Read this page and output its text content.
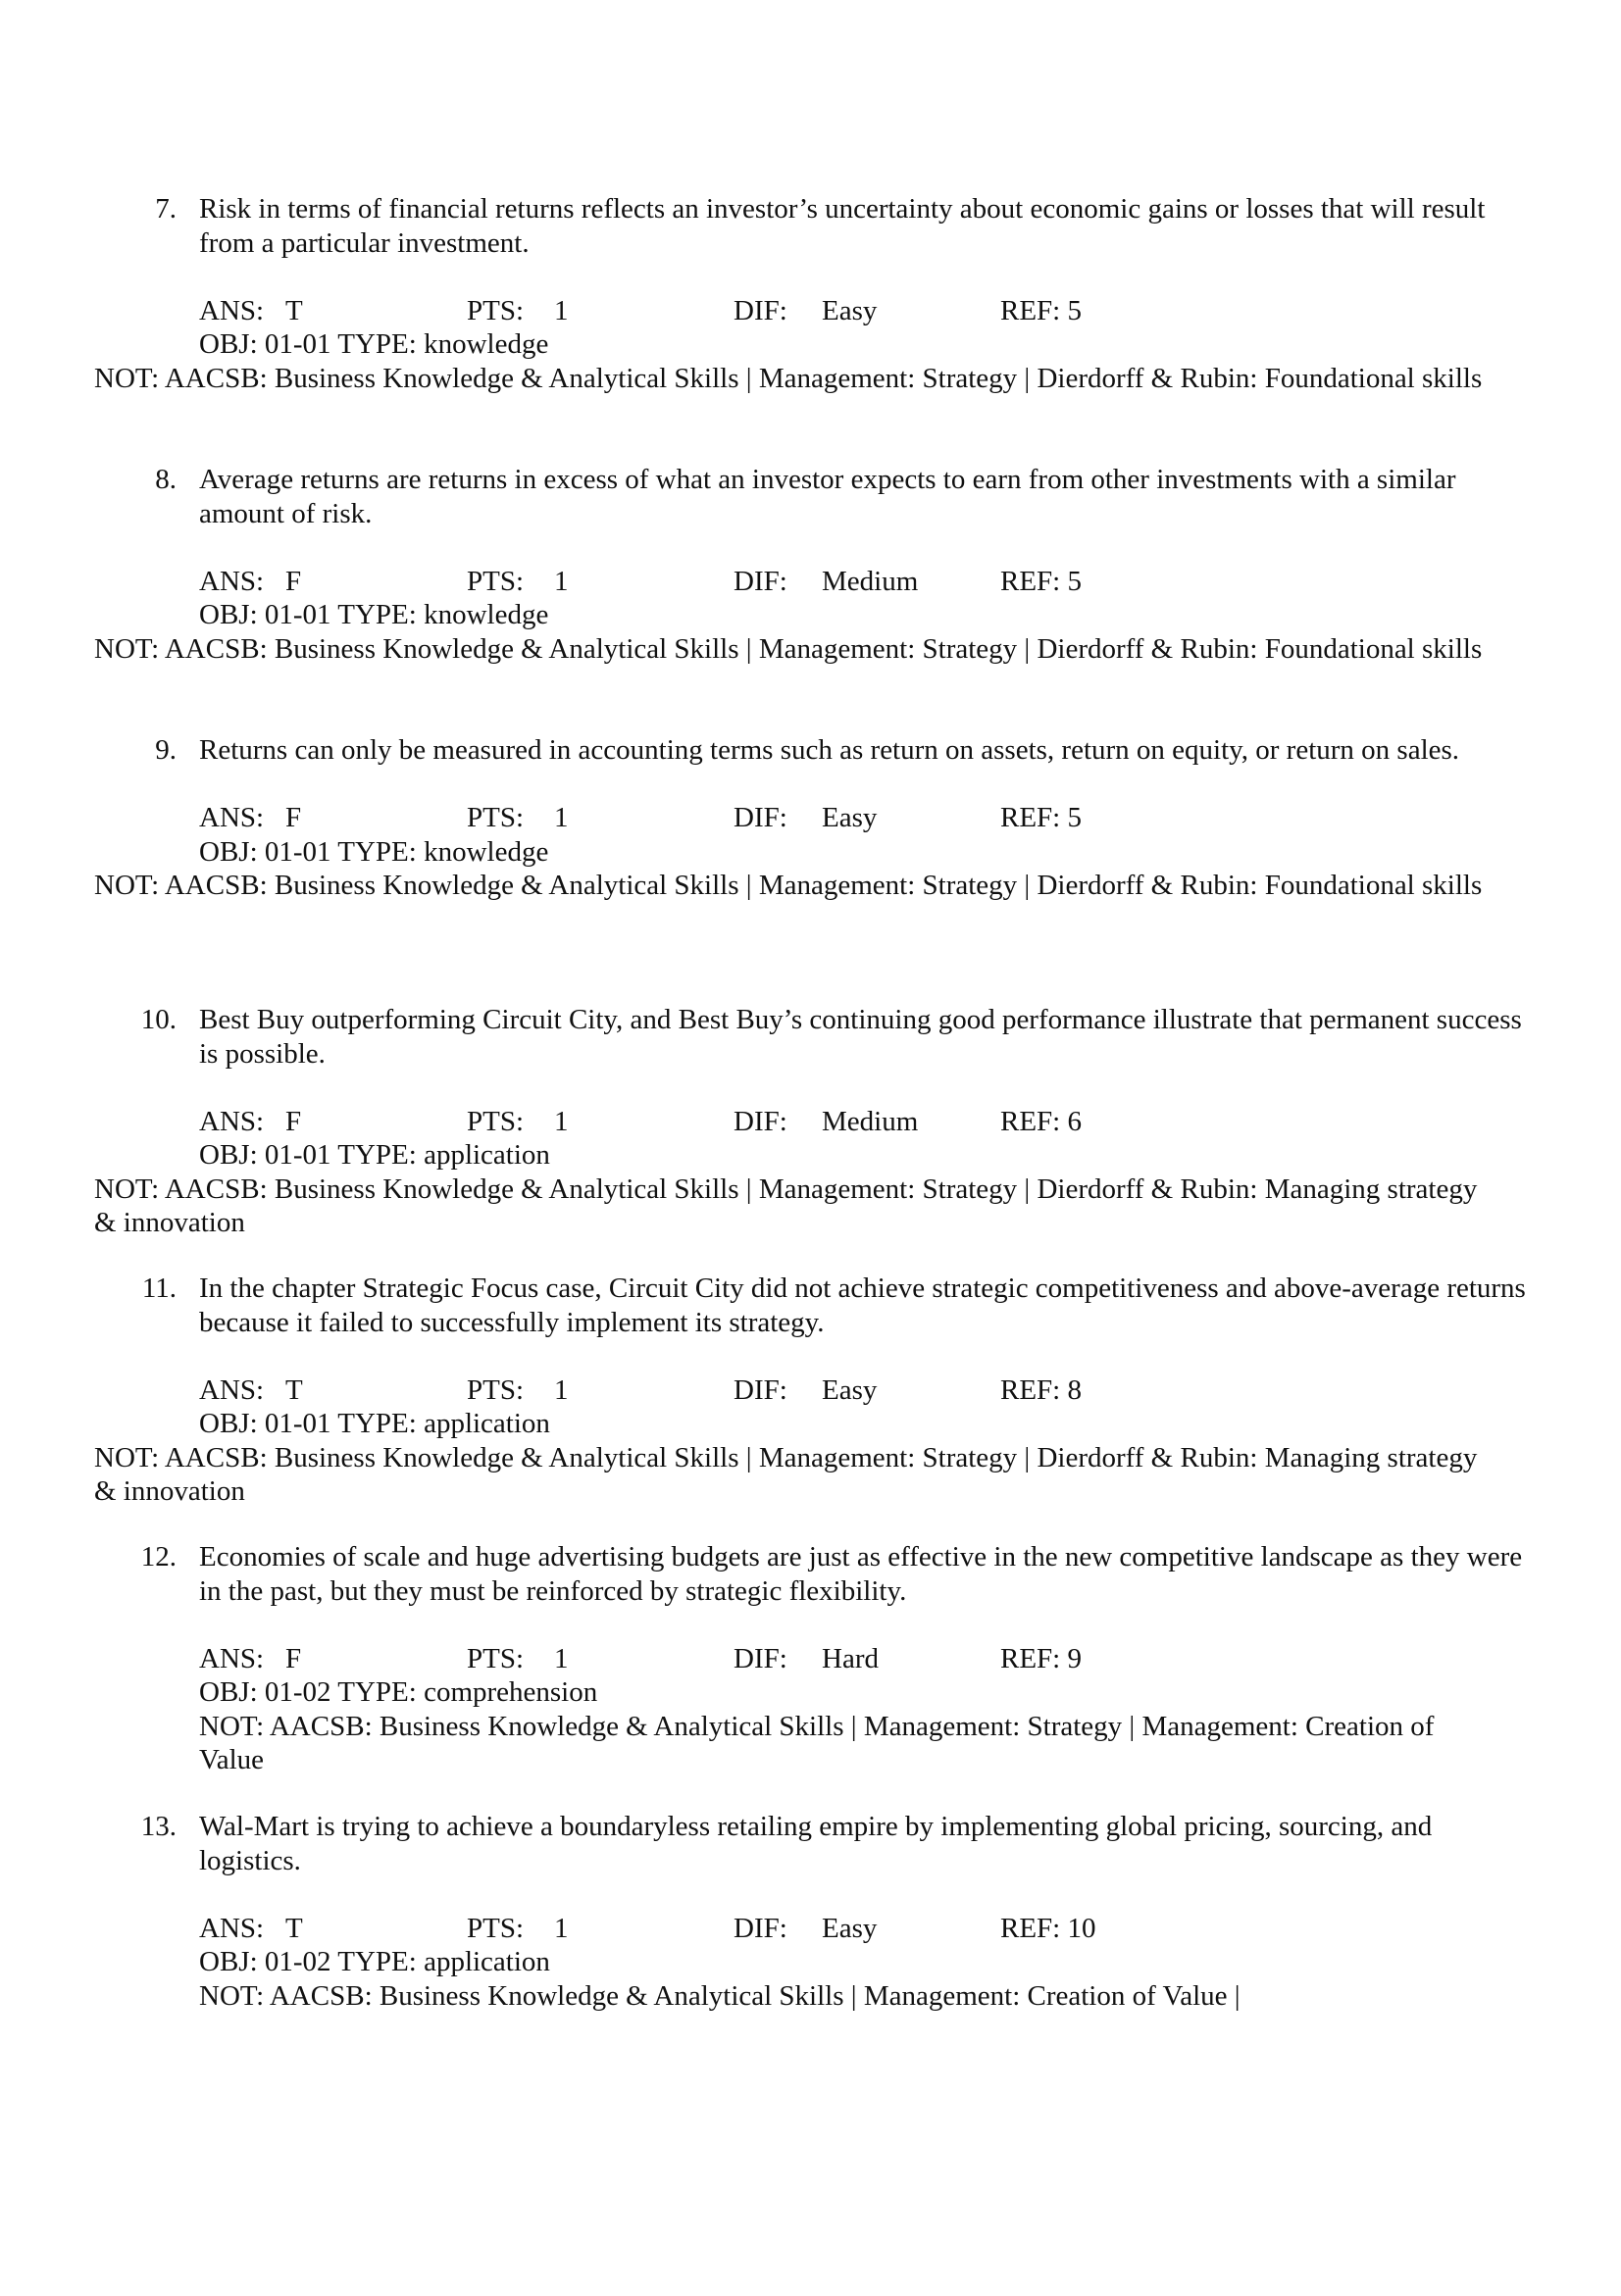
7. Risk in terms of financial returns reflects an investor’s uncertainty about economic gains or losses that will result from a particular investment.
ANS: T	PTS: 1	DIF: Easy	REF: 5
OBJ: 01-01 TYPE: knowledge
NOT: AACSB: Business Knowledge & Analytical Skills | Management: Strategy | Dierdorff & Rubin: Foundational skills
8. Average returns are returns in excess of what an investor expects to earn from other investments with a similar amount of risk.
ANS: F	PTS: 1	DIF: Medium	REF: 5
OBJ: 01-01 TYPE: knowledge
NOT: AACSB: Business Knowledge & Analytical Skills | Management: Strategy | Dierdorff & Rubin: Foundational skills
9. Returns can only be measured in accounting terms such as return on assets, return on equity, or return on sales.
ANS: F	PTS: 1	DIF: Easy	REF: 5
OBJ: 01-01 TYPE: knowledge
NOT: AACSB: Business Knowledge & Analytical Skills | Management: Strategy | Dierdorff & Rubin: Foundational skills
10. Best Buy outperforming Circuit City, and Best Buy’s continuing good performance illustrate that permanent success is possible.
ANS: F	PTS: 1	DIF: Medium	REF: 6
OBJ: 01-01 TYPE: application
NOT: AACSB: Business Knowledge & Analytical Skills | Management: Strategy | Dierdorff & Rubin: Managing strategy & innovation
11. In the chapter Strategic Focus case, Circuit City did not achieve strategic competitiveness and above-average returns because it failed to successfully implement its strategy.
ANS: T	PTS: 1	DIF: Easy	REF: 8
OBJ: 01-01 TYPE: application
NOT: AACSB: Business Knowledge & Analytical Skills | Management: Strategy | Dierdorff & Rubin: Managing strategy & innovation
12. Economies of scale and huge advertising budgets are just as effective in the new competitive landscape as they were in the past, but they must be reinforced by strategic flexibility.
ANS: F	PTS: 1	DIF: Hard	REF: 9
OBJ: 01-02 TYPE: comprehension
NOT: AACSB: Business Knowledge & Analytical Skills | Management: Strategy | Management: Creation of Value
13. Wal-Mart is trying to achieve a boundaryless retailing empire by implementing global pricing, sourcing, and logistics.
ANS: T	PTS: 1	DIF: Easy	REF: 10
OBJ: 01-02 TYPE: application
NOT: AACSB: Business Knowledge & Analytical Skills | Management: Creation of Value |
